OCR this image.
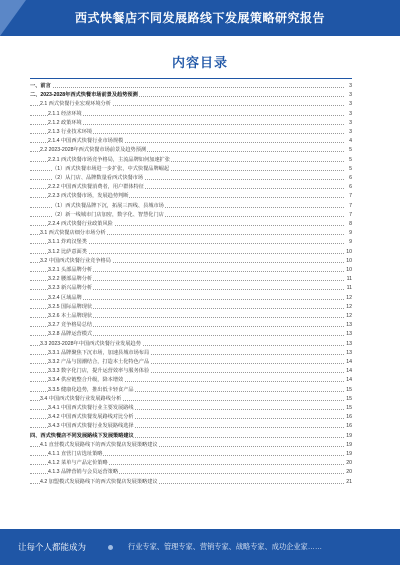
西式快餐店不同发展路线下发展策略研究报告
内容目录
一、前言	3
二、2023-2028年西式快餐市场前景及趋势预测	3
2.1 西式快餐行业宏观环境分析	3
2.1.1 经济环境	3
2.1.2 政策环境	3
2.1.3 行业技术环境	3
2.1.4 中国西式快餐行业市场规模	4
2.2 2023-2028年西式快餐市场前景及趋势预测	5
2.2.1 西式快餐市场竞争格局，主流品牌如何加速扩张	5
（1）西式快餐市场进一步扩张，中式快餐品牌崛起	5
（2）从门店、品牌数量看西式快餐市场	6
2.2.2 中国西式快餐消费者，用户群体特征	6
2.2.3 西式快餐市场，发展趋势判断	7
（1）西式快餐品牌下沉，拓展三四线、县城市场	7
（2）新一线城市门店加密，数字化、智慧化门店	7
2.2.4 西式快餐行业政策风险	8
3.1 西式快餐店细分市场分析	9
3.1.1 炸鸡汉堡类	9
3.1.2 比萨意面类	10
3.2 中国西式快餐行业竞争格局	10
3.2.1 头部品牌分析	10
3.2.2 腰部品牌分析	11
3.2.3 新兴品牌分析	11
3.2.4 区域品牌	12
3.2.5 国际品牌现状	12
3.2.6 本土品牌现状	12
3.2.7 竞争格局总结	13
3.2.8 品牌运营模式	13
3.3 2023-2028年中国西式快餐行业发展趋势	13
3.3.1 品牌聚焦下沉市场，加速县城市场布局	13
3.3.2 产品与国潮结合，打造本土化特色产品	14
3.3.3 数字化门店，提升运营效率与服务体验	14
3.3.4 供应链整合升级，降本增效	14
3.3.5 健康化趋势，推出低卡轻食产品	15
3.4 中国西式快餐行业发展路线分析	15
3.4.1 中国西式快餐行业主要发展路线	15
3.4.2 中国西式快餐发展路线对比分析	16
3.4.3 中国西式快餐行业发展路线选择	16
四、西式快餐店不同发展路线下发展策略建议	19
4.1 直营模式发展路线下的西式快餐店发展策略建议	19
4.1.1 直营门店选址策略	19
4.1.2 菜单与产品定价策略	20
4.1.3 品牌营销与会员运营策略	20
4.2 加盟模式发展路线下的西式快餐店发展策略建议	21
让每个人都能成为	行业专家、管理专家、营销专家、战略专家、成功企业家……
